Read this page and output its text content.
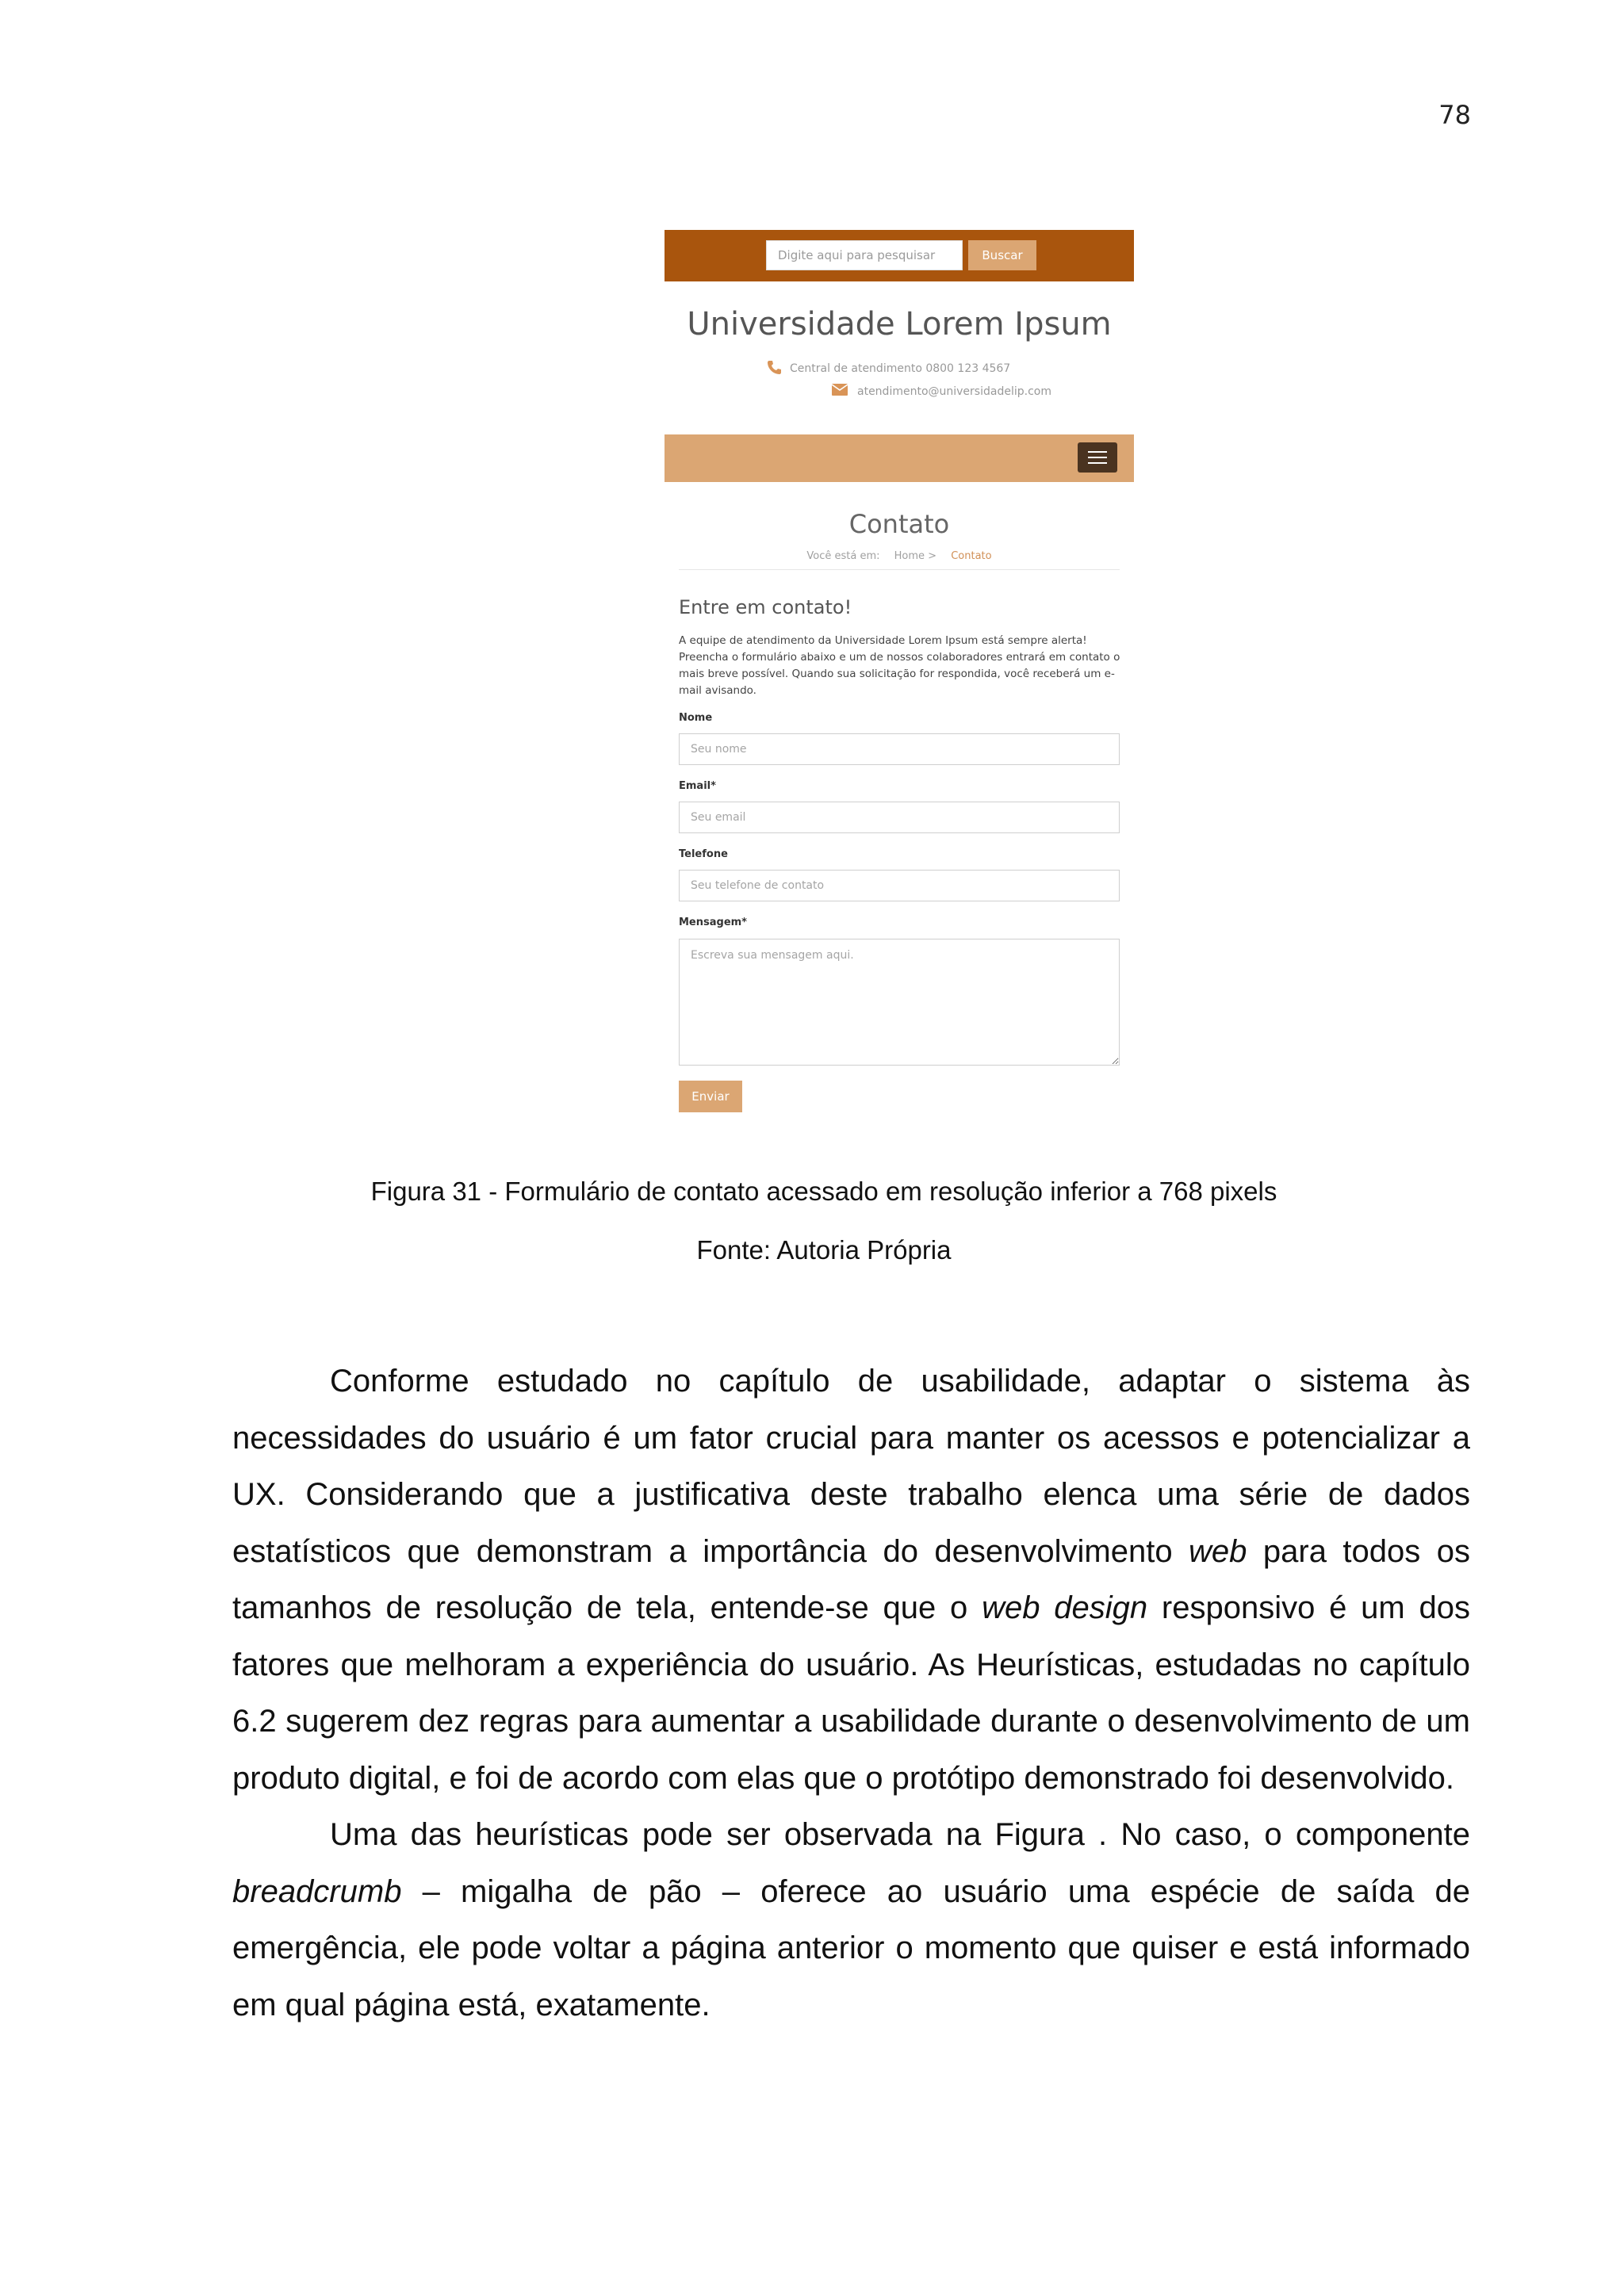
78
Digite aqui para pesquisar
Buscar
Universidade Lorem Ipsum
Central de atendimento 0800 123 4567
atendimento@universidadelip.com
Contato
Você está em: Home > Contato
Entre em contato!
A equipe de atendimento da Universidade Lorem Ipsum está sempre alerta! Preencha o formulário abaixo e um de nossos colaboradores entrará em contato o mais breve possível. Quando sua solicitação for respondida, você receberá um e-mail avisando.
Nome
Seu nome
Email*
Seu email
Telefone
Seu telefone de contato
Mensagem*
Escreva sua mensagem aqui.
Enviar
Figura 31 - Formulário de contato acessado em resolução inferior a 768 pixels
Fonte: Autoria Própria

Conforme estudado no capítulo de usabilidade, adaptar o sistema às necessidades do usuário é um fator crucial para manter os acessos e potencializar a UX. Considerando que a justificativa deste trabalho elenca uma série de dados estatísticos que demonstram a importância do desenvolvimento web para todos os tamanhos de resolução de tela, entende-se que o web design responsivo é um dos fatores que melhoram a experiência do usuário. As Heurísticas, estudadas no capítulo 6.2 sugerem dez regras para aumentar a usabilidade durante o desenvolvimento de um produto digital, e foi de acordo com elas que o protótipo demonstrado foi desenvolvido.

Uma das heurísticas pode ser observada na Figura . No caso, o componente breadcrumb – migalha de pão – oferece ao usuário uma espécie de saída de emergência, ele pode voltar a página anterior o momento que quiser e está informado em qual página está, exatamente.
